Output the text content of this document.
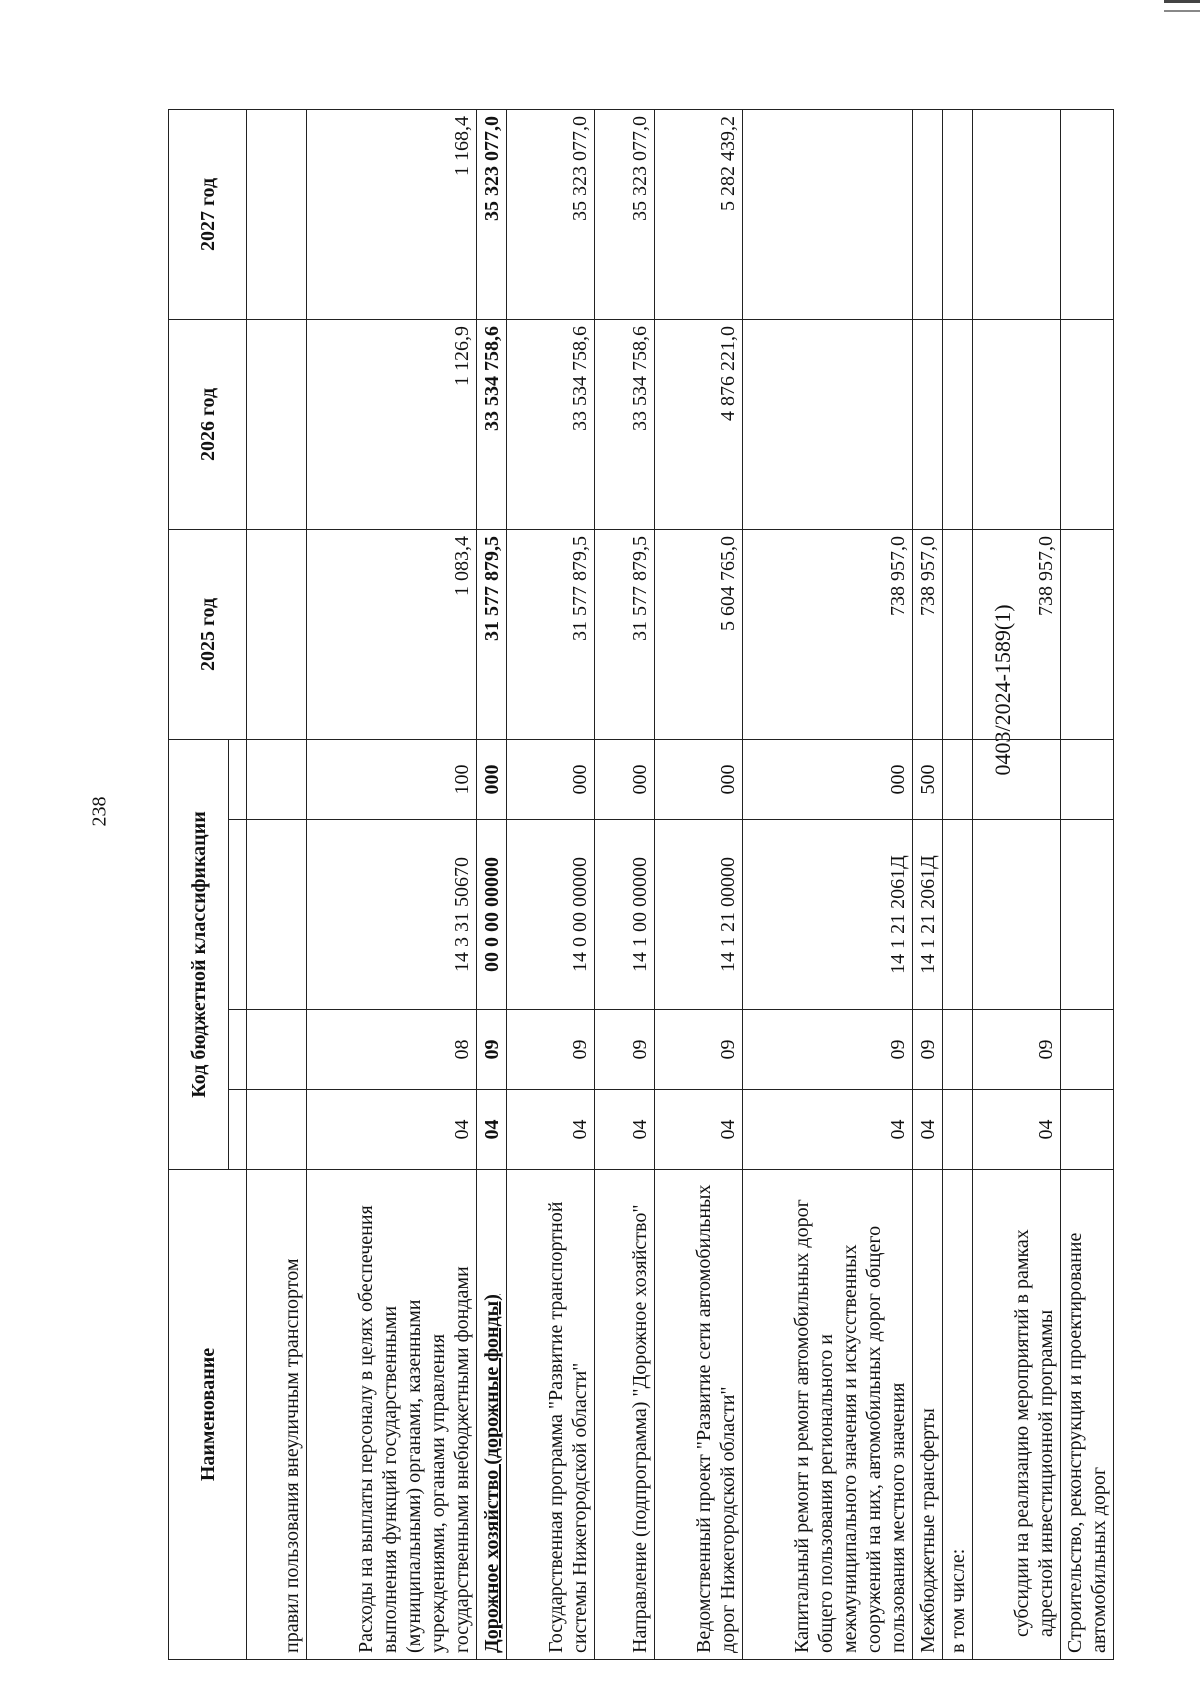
238
0403/2024-1589(1)
Наименование	Код бюджетной классификации				2025 год	2026 год	2027 год

правил пользования внеуличным транспортом							
Расходы на выплаты персоналу в целях обеспечения выполнения функций государственными (муниципальными) органами, казенными учреждениями, органами управления государственными внебюджетными фондами	04	08	14 3 31 50670	100	1 083,4	1 126,9	1 168,4
Дорожное хозяйство (дорожные фонды)	04	09	00 0 00 00000	000	31 577 879,5	33 534 758,6	35 323 077,0
Государственная программа "Развитие транспортной системы Нижегородской области"	04	09	14 0 00 00000	000	31 577 879,5	33 534 758,6	35 323 077,0
Направление (подпрограмма) "Дорожное хозяйство"	04	09	14 1 00 00000	000	31 577 879,5	33 534 758,6	35 323 077,0
Ведомственный проект "Развитие сети автомобильных дорог Нижегородской области"	04	09	14 1 21 00000	000	5 604 765,0	4 876 221,0	5 282 439,2
Капитальный ремонт и ремонт автомобильных дорог общего пользования регионального и межмуниципального значения и искусственных сооружений на них, автомобильных дорог общего пользования местного значения	04	09	14 1 21 2061Д	000	738 957,0		
Межбюджетные трансферты	04	09	14 1 21 2061Д	500	738 957,0		
в том числе:							
субсидии на реализацию мероприятий в рамках адресной инвестиционной программы	04	09			738 957,0		
Строительство, реконструкция и проектирование автомобильных дорог							
